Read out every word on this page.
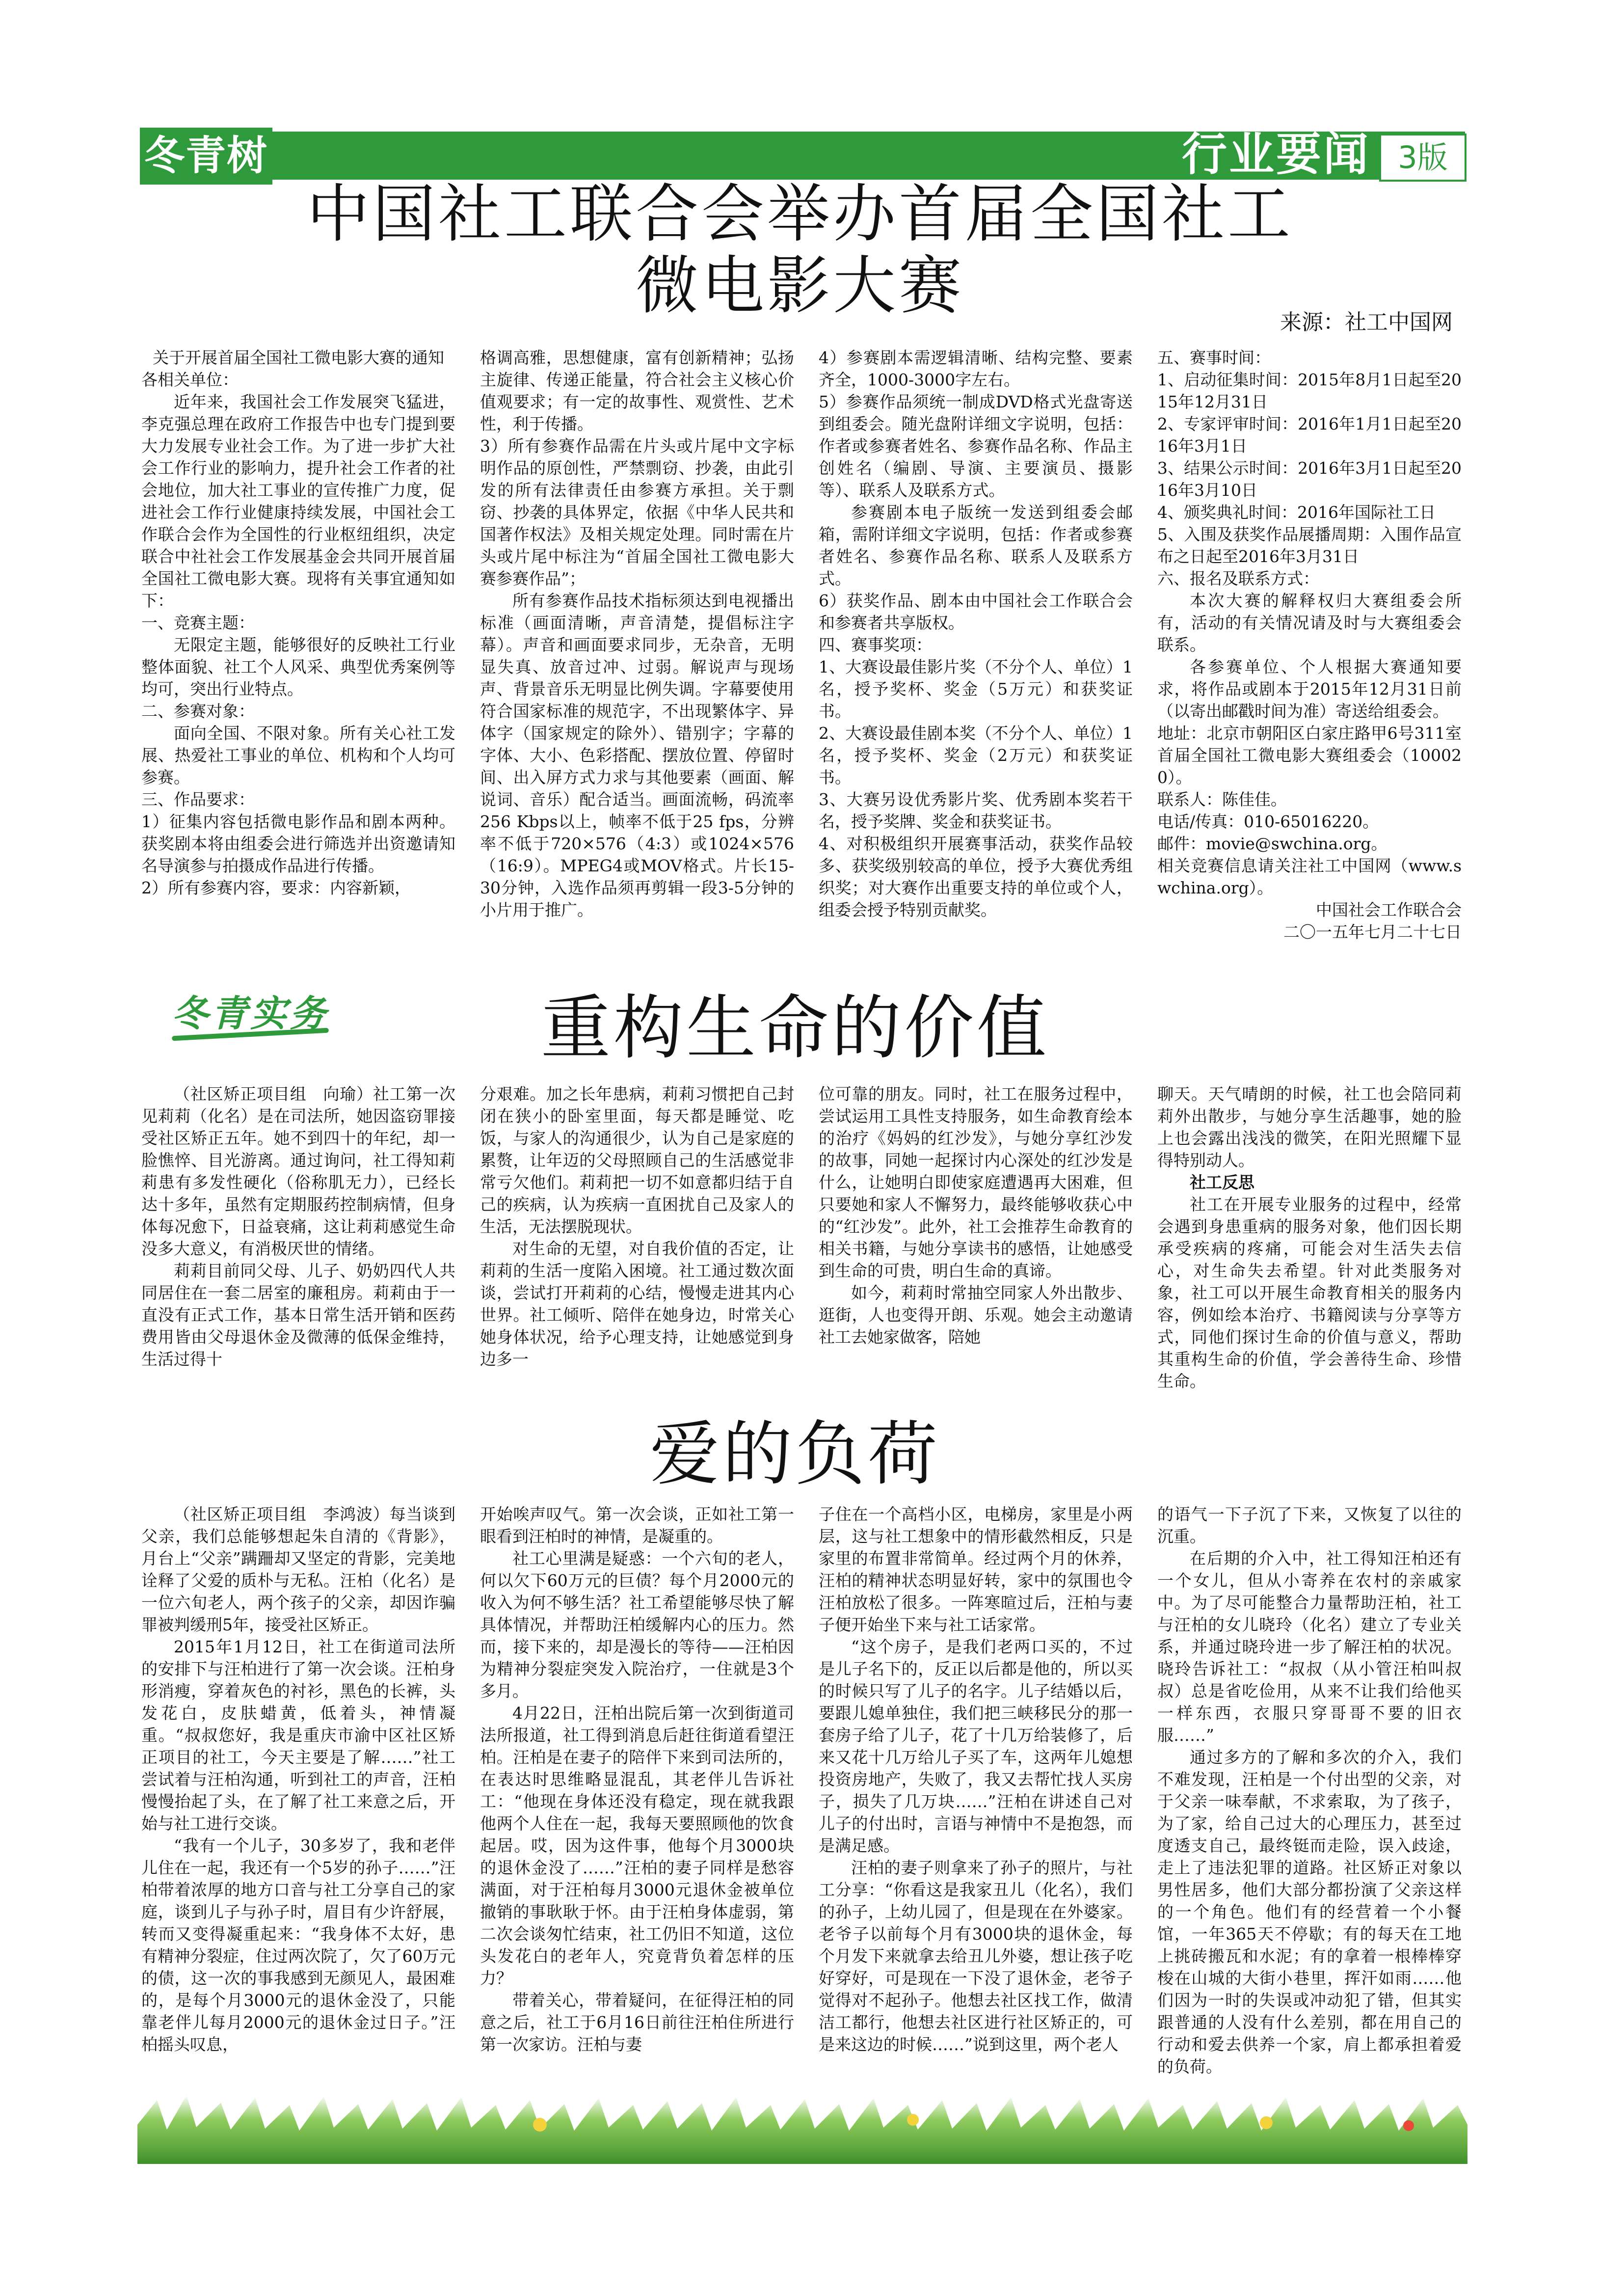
冬青树	行业要闻 3版
中国社工联合会举办首届全国社工
微电影大赛	来源：社工中国网

关于开展首届全国社工微电影大赛的通知

各相关单位：

近年来，我国社会工作发展突飞猛进，李克强总理在政府工作报告中也专门提到要大力发展专业社会工作。为了进一步扩大社会工作行业的影响力，提升社会工作者的社会地位，加大社工事业的宣传推广力度，促进社会工作行业健康持续发展，中国社会工作联合会作为全国性的行业枢纽组织，决定联合中社社会工作发展基金会共同开展首届全国社工微电影大赛。现将有关事宜通知如下：

一、竞赛主题：

无限定主题，能够很好的反映社工行业整体面貌、社工个人风采、典型优秀案例等均可，突出行业特点。

二、参赛对象：

面向全国、不限对象。所有关心社工发展、热爱社工事业的单位、机构和个人均可参赛。

三、作品要求：

1）征集内容包括微电影作品和剧本两种。获奖剧本将由组委会进行筛选并出资邀请知名导演参与拍摄成作品进行传播。

2）所有参赛内容，要求：内容新颖，

格调高雅，思想健康，富有创新精神；弘扬主旋律、传递正能量，符合社会主义核心价值观要求；有一定的故事性、观赏性、艺术性，利于传播。

3）所有参赛作品需在片头或片尾中文字标明作品的原创性，严禁剽窃、抄袭，由此引发的所有法律责任由参赛方承担。关于剽窃、抄袭的具体界定，依据《中华人民共和国著作权法》及相关规定处理。同时需在片头或片尾中标注为“首届全国社工微电影大赛参赛作品”；

所有参赛作品技术指标须达到电视播出标准（画面清晰，声音清楚，提倡标注字幕）。声音和画面要求同步，无杂音，无明显失真、放音过冲、过弱。解说声与现场声、背景音乐无明显比例失调。字幕要使用符合国家标准的规范字，不出现繁体字、异体字（国家规定的除外）、错别字；字幕的字体、大小、色彩搭配、摆放位置、停留时间、出入屏方式力求与其他要素（画面、解说词、音乐）配合适当。画面流畅，码流率256 Kbps以上，帧率不低于25 fps，分辨率不低于720×576（4:3）或1024×576（16:9）。MPEG4或MOV格式。片长15-30分钟，入选作品须再剪辑一段3-5分钟的小片用于推广。

4）参赛剧本需逻辑清晰、结构完整、要素齐全，1000-3000字左右。

5）参赛作品须统一制成DVD格式光盘寄送到组委会。随光盘附详细文字说明，包括：作者或参赛者姓名、参赛作品名称、作品主创姓名（编剧、导演、主要演员、摄影等）、联系人及联系方式。

参赛剧本电子版统一发送到组委会邮箱，需附详细文字说明，包括：作者或参赛者姓名、参赛作品名称、联系人及联系方式。

6）获奖作品、剧本由中国社会工作联合会和参赛者共享版权。

四、赛事奖项：

1、大赛设最佳影片奖（不分个人、单位）1名，授予奖杯、奖金（5万元）和获奖证书。

2、大赛设最佳剧本奖（不分个人、单位）1名，授予奖杯、奖金（2万元）和获奖证书。

3、大赛另设优秀影片奖、优秀剧本奖若干名，授予奖牌、奖金和获奖证书。

4、对积极组织开展赛事活动，获奖作品较多、获奖级别较高的单位，授予大赛优秀组织奖；对大赛作出重要支持的单位或个人，组委会授予特别贡献奖。

五、赛事时间：

1、启动征集时间：2015年8月1日起至2015年12月31日

2、专家评审时间：2016年1月1日起至2016年3月1日

3、结果公示时间：2016年3月1日起至2016年3月10日

4、颁奖典礼时间：2016年国际社工日

5、入围及获奖作品展播周期：入围作品宣布之日起至2016年3月31日

六、报名及联系方式：

本次大赛的解释权归大赛组委会所有，活动的有关情况请及时与大赛组委会联系。

各参赛单位、个人根据大赛通知要求，将作品或剧本于2015年12月31日前（以寄出邮戳时间为准）寄送给组委会。

地址：北京市朝阳区白家庄路甲6号311室首届全国社工微电影大赛组委会（100020）。

联系人：陈佳佳。

电话/传真：010-65016220。

邮件：movie@swchina.org。

相关竞赛信息请关注社工中国网（www.swchina.org）。

中国社会工作联合会

二〇一五年七月二十七日

冬青实务	重构生命的价值

（社区矫正项目组　向瑜）社工第一次见莉莉（化名）是在司法所，她因盗窃罪接受社区矫正五年。她不到四十的年纪，却一脸憔悴、目光游离。通过询问，社工得知莉莉患有多发性硬化（俗称肌无力），已经长达十多年，虽然有定期服药控制病情，但身体每况愈下，日益衰痛，这让莉莉感觉生命没多大意义，有消极厌世的情绪。

莉莉目前同父母、儿子、奶奶四代人共同居住在一套二居室的廉租房。莉莉由于一直没有正式工作，基本日常生活开销和医药费用皆由父母退休金及微薄的低保金维持，生活过得十

分艰难。加之长年患病，莉莉习惯把自己封闭在狭小的卧室里面，每天都是睡觉、吃饭，与家人的沟通很少，认为自己是家庭的累赘，让年迈的父母照顾自己的生活感觉非常亏欠他们。莉莉把一切不如意都归结于自己的疾病，认为疾病一直困扰自己及家人的生活，无法摆脱现状。

对生命的无望，对自我价值的否定，让莉莉的生活一度陷入困境。社工通过数次面谈，尝试打开莉莉的心结，慢慢走进其内心世界。社工倾听、陪伴在她身边，时常关心她身体状况，给予心理支持，让她感觉到身边多一

位可靠的朋友。同时，社工在服务过程中，尝试运用工具性支持服务，如生命教育绘本的治疗《妈妈的红沙发》，与她分享红沙发的故事，同她一起探讨内心深处的红沙发是什么，让她明白即使家庭遭遇再大困难，但只要她和家人不懈努力，最终能够收获心中的“红沙发”。此外，社工会推荐生命教育的相关书籍，与她分享读书的感悟，让她感受到生命的可贵，明白生命的真谛。

如今，莉莉时常抽空同家人外出散步、逛街，人也变得开朗、乐观。她会主动邀请社工去她家做客，陪她

聊天。天气晴朗的时候，社工也会陪同莉莉外出散步，与她分享生活趣事，她的脸上也会露出浅浅的微笑，在阳光照耀下显得特别动人。

社工反思

社工在开展专业服务的过程中，经常会遇到身患重病的服务对象，他们因长期承受疾病的疼痛，可能会对生活失去信心，对生命失去希望。针对此类服务对象，社工可以开展生命教育相关的服务内容，例如绘本治疗、书籍阅读与分享等方式，同他们探讨生命的价值与意义，帮助其重构生命的价值，学会善待生命、珍惜生命。

爱的负荷

（社区矫正项目组　李鸿波）每当谈到父亲，我们总能够想起朱自清的《背影》，月台上“父亲”蹒跚却又坚定的背影，完美地诠释了父爱的质朴与无私。汪柏（化名）是一位六旬老人，两个孩子的父亲，却因诈骗罪被判缓刑5年，接受社区矫正。

2015年1月12日，社工在街道司法所的安排下与汪柏进行了第一次会谈。汪柏身形消瘦，穿着灰色的衬衫，黑色的长裤，头发花白，皮肤蜡黄，低着头，神情凝重。“叔叔您好，我是重庆市渝中区社区矫正项目的社工，今天主要是了解……”社工尝试着与汪柏沟通，听到社工的声音，汪柏慢慢抬起了头，在了解了社工来意之后，开始与社工进行交谈。

“我有一个儿子，30多岁了，我和老伴儿住在一起，我还有一个5岁的孙子……”汪柏带着浓厚的地方口音与社工分享自己的家庭，谈到儿子与孙子时，眉目有少许舒展，转而又变得凝重起来：“我身体不太好，患有精神分裂症，住过两次院了，欠了60万元的债，这一次的事我感到无颜见人，最困难的，是每个月3000元的退休金没了，只能靠老伴儿每月2000元的退休金过日子。”汪柏摇头叹息，

开始唉声叹气。第一次会谈，正如社工第一眼看到汪柏时的神情，是凝重的。

社工心里满是疑惑：一个六旬的老人，何以欠下60万元的巨债？每个月2000元的收入为何不够生活？社工希望能够尽快了解具体情况，并帮助汪柏缓解内心的压力。然而，接下来的，却是漫长的等待——汪柏因为精神分裂症突发入院治疗，一住就是3个多月。

4月22日，汪柏出院后第一次到街道司法所报道，社工得到消息后赶往街道看望汪柏。汪柏是在妻子的陪伴下来到司法所的，在表达时思维略显混乱，其老伴儿告诉社工：“他现在身体还没有稳定，现在就我跟他两个人住在一起，我每天要照顾他的饮食起居。哎，因为这件事，他每个月3000块的退休金没了……”汪柏的妻子同样是愁容满面，对于汪柏每月3000元退休金被单位撤销的事耿耿于怀。由于汪柏身体虚弱，第二次会谈匆忙结束，社工仍旧不知道，这位头发花白的老年人，究竟背负着怎样的压力？

带着关心，带着疑问，在征得汪柏的同意之后，社工于6月16日前往汪柏住所进行第一次家访。汪柏与妻

子住在一个高档小区，电梯房，家里是小两层，这与社工想象中的情形截然相反，只是家里的布置非常简单。经过两个月的休养，汪柏的精神状态明显好转，家中的氛围也令汪柏放松了很多。一阵寒暄过后，汪柏与妻子便开始坐下来与社工话家常。

“这个房子，是我们老两口买的，不过是儿子名下的，反正以后都是他的，所以买的时候只写了儿子的名字。儿子结婚以后，要跟儿媳单独住，我们把三峡移民分的那一套房子给了儿子，花了十几万给装修了，后来又花十几万给儿子买了车，这两年儿媳想投资房地产，失败了，我又去帮忙找人买房子，损失了几万块……”汪柏在讲述自己对儿子的付出时，言语与神情中不是抱怨，而是满足感。

汪柏的妻子则拿来了孙子的照片，与社工分享：“你看这是我家丑儿（化名），我们的孙子，上幼儿园了，但是现在在外婆家。老爷子以前每个月有3000块的退休金，每个月发下来就拿去给丑儿外婆，想让孩子吃好穿好，可是现在一下没了退休金，老爷子觉得对不起孙子。他想去社区找工作，做清洁工都行，他想去社区进行社区矫正的，可是来这边的时候……”说到这里，两个老人

的语气一下子沉了下来，又恢复了以往的沉重。

在后期的介入中，社工得知汪柏还有一个女儿，但从小寄养在农村的亲戚家中。为了尽可能整合力量帮助汪柏，社工与汪柏的女儿晓玲（化名）建立了专业关系，并通过晓玲进一步了解汪柏的状况。晓玲告诉社工：“叔叔（从小管汪柏叫叔叔）总是省吃俭用，从来不让我们给他买一样东西，衣服只穿哥哥不要的旧衣服……”

通过多方的了解和多次的介入，我们不难发现，汪柏是一个付出型的父亲，对于父亲一味奉献，不求索取，为了孩子，为了家，给自己过大的心理压力，甚至过度透支自己，最终铤而走险，误入歧途，走上了违法犯罪的道路。社区矫正对象以男性居多，他们大部分都扮演了父亲这样的一个角色。他们有的经营着一个小餐馆，一年365天不停歇；有的每天在工地上挑砖搬瓦和水泥；有的拿着一根棒棒穿梭在山城的大街小巷里，挥汗如雨……他们因为一时的失误或冲动犯了错，但其实跟普通的人没有什么差别，都在用自己的行动和爱去供养一个家，肩上都承担着爱的负荷。
